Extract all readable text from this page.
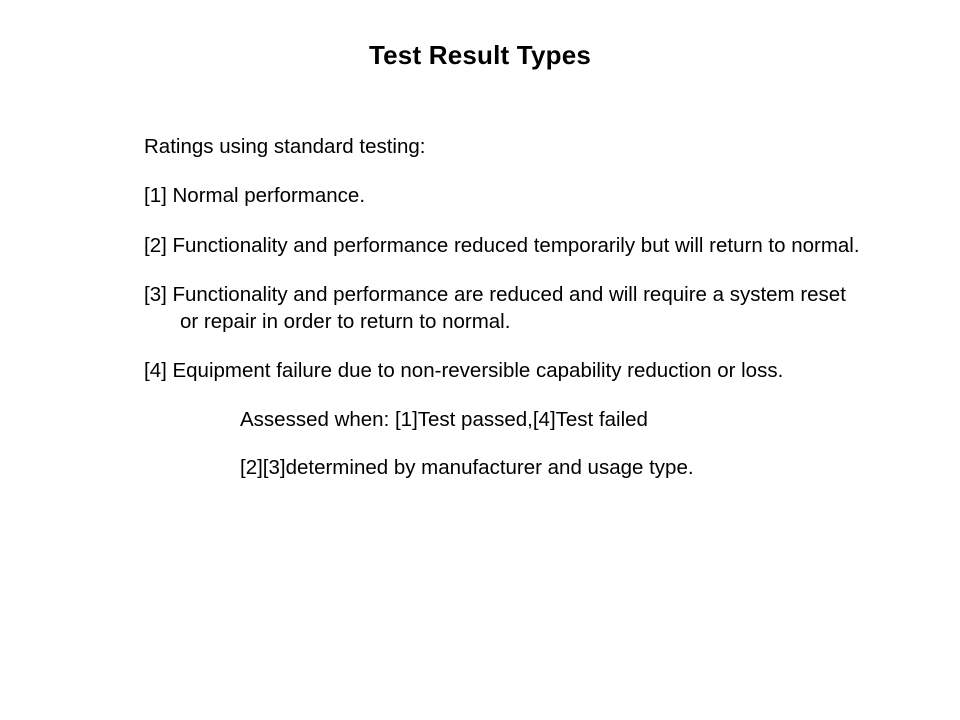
Test Result Types

Ratings using standard testing:

[1] Normal performance.

[2] Functionality and performance reduced temporarily but will return to normal.

[3] Functionality and performance are reduced and will require a system reset or repair in order to return to normal.

[4] Equipment failure due to non-reversible capability reduction or loss.

Assessed when: [1]Test passed,[4]Test failed

[2][3]determined by manufacturer and usage type.
